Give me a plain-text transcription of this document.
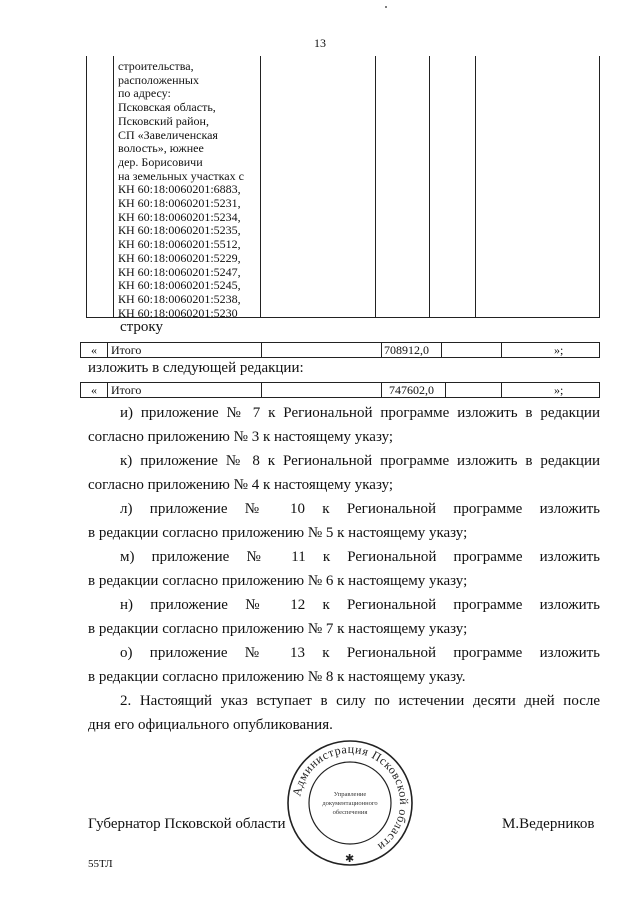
13
строительства,
расположенных
по адресу:
Псковская область,
Псковский район,
СП «Завеличенская
волость», южнее
дер. Борисовичи
на земельных участках с
КН 60:18:0060201:6883,
КН 60:18:0060201:5231,
КН 60:18:0060201:5234,
КН 60:18:0060201:5235,
КН 60:18:0060201:5512,
КН 60:18:0060201:5229,
КН 60:18:0060201:5247,
КН 60:18:0060201:5245,
КН 60:18:0060201:5238,
КН 60:18:0060201:5230
строку
« Итого	708912,0	»;
изложить в следующей редакции:
« Итого	747602,0	»;
и) приложение № 7 к Региональной программе изложить в редакции
согласно приложению № 3 к настоящему указу;
к) приложение № 8 к Региональной программе изложить в редакции
согласно приложению № 4 к настоящему указу;
л) приложение № 10 к Региональной программе изложить
в редакции согласно приложению № 5 к настоящему указу;
м) приложение № 11 к Региональной программе изложить
в редакции согласно приложению № 6 к настоящему указу;
н) приложение № 12 к Региональной программе изложить
в редакции согласно приложению № 7 к настоящему указу;
о) приложение № 13 к Региональной программе изложить
в редакции согласно приложению № 8 к настоящему указу.
2. Настоящий указ вступает в силу по истечении десяти дней после
дня его официального опубликования.
Губернатор Псковской области	М.Ведерников
Администрация Псковской области
Управление
документационного
обеспечения
✱
55ТЛ
